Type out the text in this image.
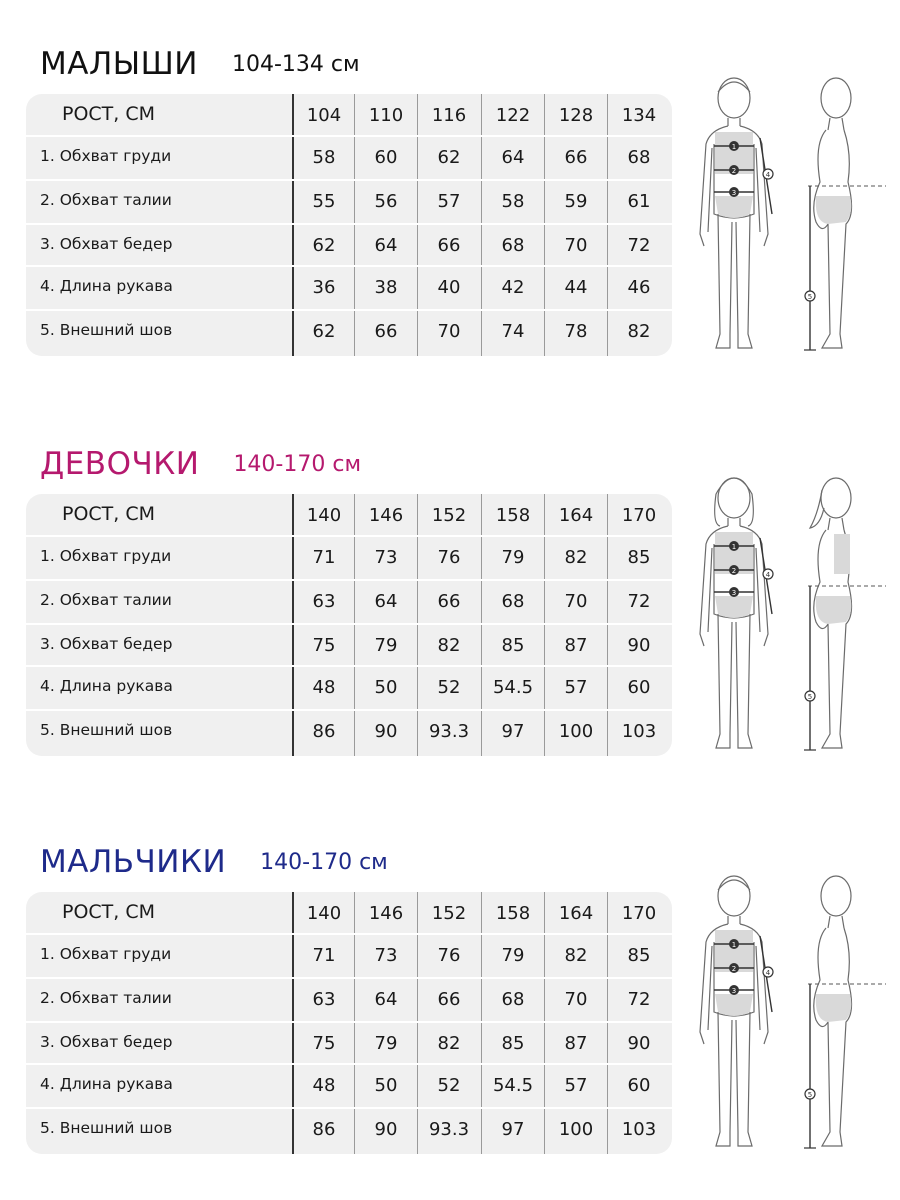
МАЛЫШИ 104-134 см
РОСТ, СМ	104	110	116	122	128	134
1. Обхват груди	58	60	62	64	66	68
2. Обхват талии	55	56	57	58	59	61
3. Обхват бедер	62	64	66	68	70	72
4. Длина рукава	36	38	40	42	44	46
5. Внешний шов	62	66	70	74	78	82
1
2
3
4
5
ДЕВОЧКИ 140-170 см
РОСТ, СМ	140	146	152	158	164	170
1. Обхват груди	71	73	76	79	82	85
2. Обхват талии	63	64	66	68	70	72
3. Обхват бедер	75	79	82	85	87	90
4. Длина рукава	48	50	52	54.5	57	60
5. Внешний шов	86	90	93.3	97	100	103
1
2
3
4
5
МАЛЬЧИКИ 140-170 см
РОСТ, СМ	140	146	152	158	164	170
1. Обхват груди	71	73	76	79	82	85
2. Обхват талии	63	64	66	68	70	72
3. Обхват бедер	75	79	82	85	87	90
4. Длина рукава	48	50	52	54.5	57	60
5. Внешний шов	86	90	93.3	97	100	103
1
2
3
4
5
